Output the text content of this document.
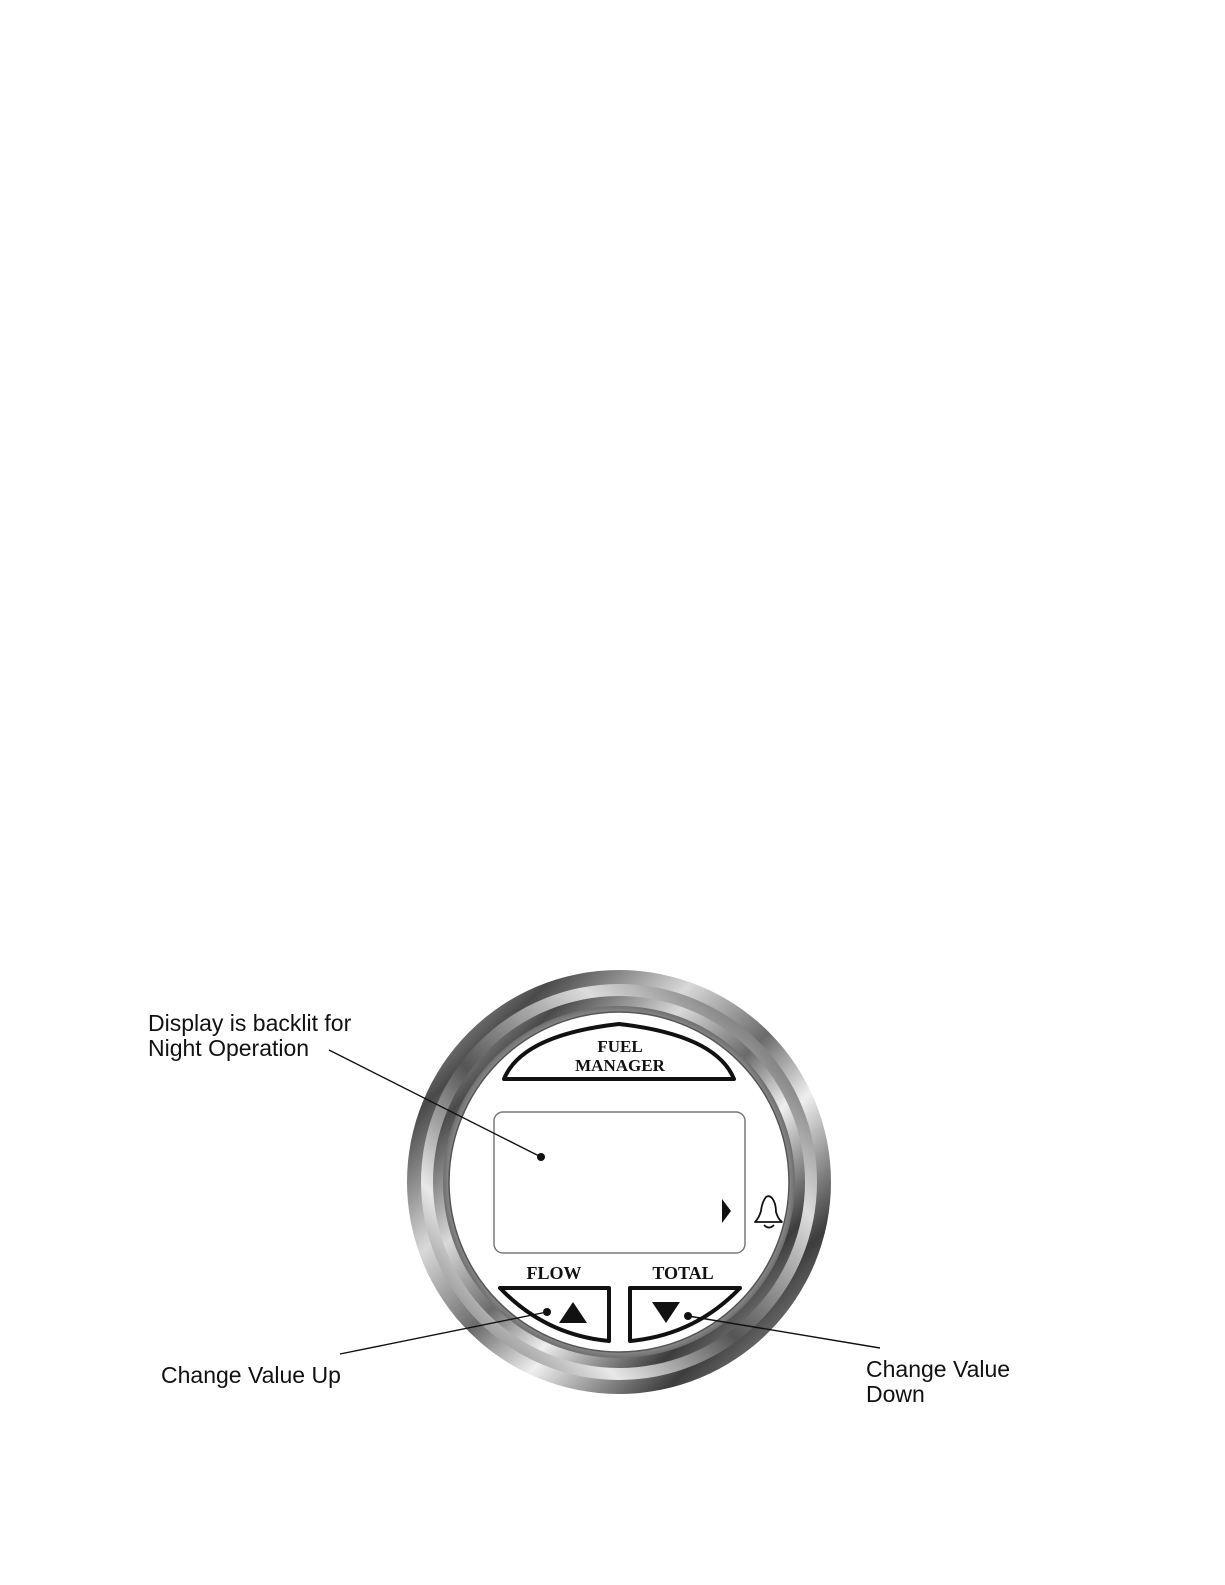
FUEL
MANAGER
FLOW	TOTAL
Display is backlit for
Night Operation
Change Value Up	Change Value
Down
